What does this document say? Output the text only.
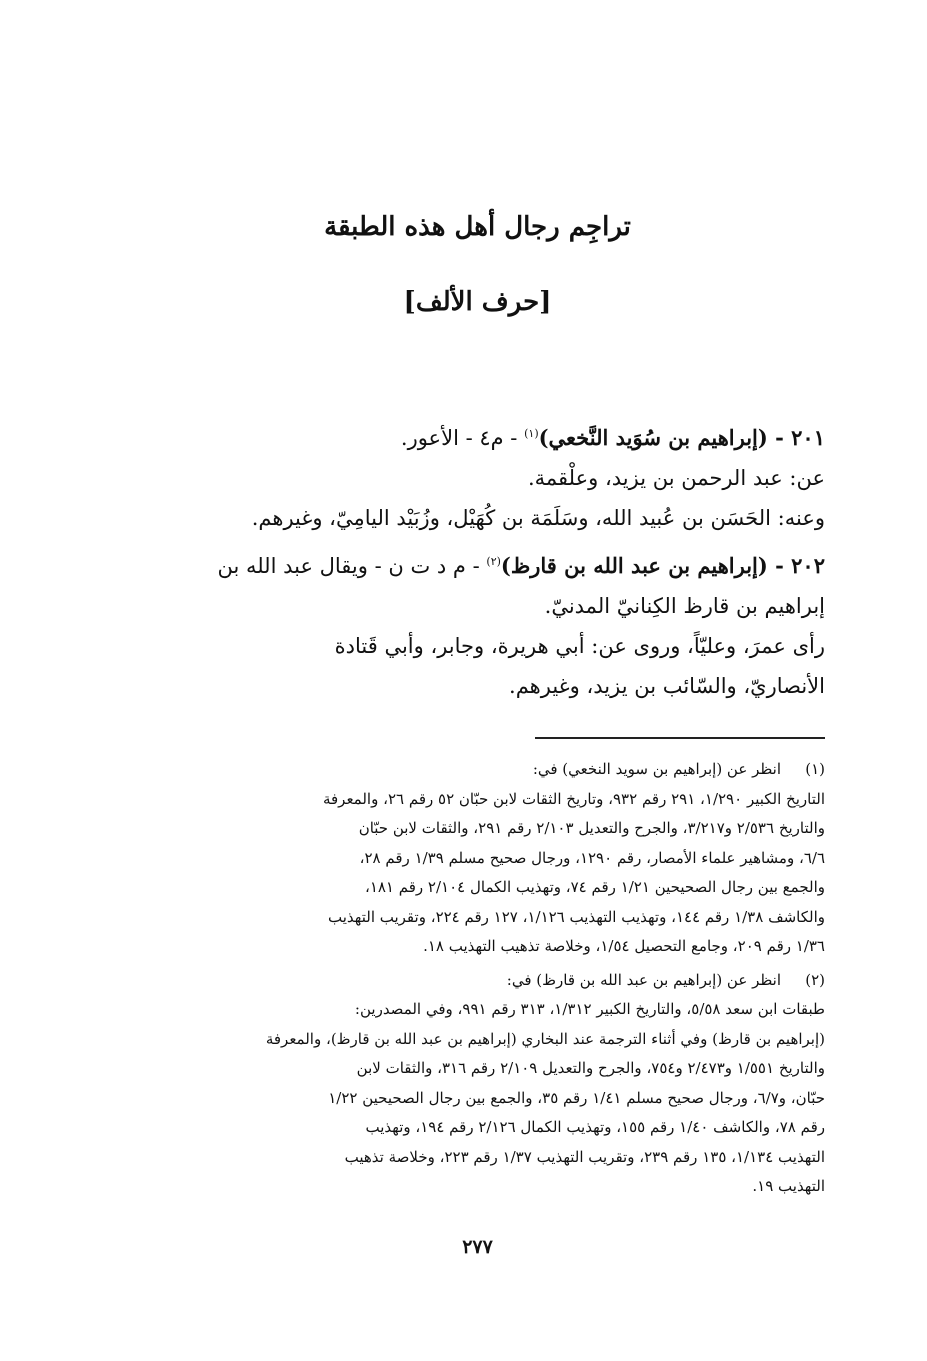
تراجِم رجال أهل هذه الطبقة
[حرف الألف]

٢٠١ - (إبراهيم بن سُوَيد النَّخعي)$^{(١)}$ - م٤ - الأعور.

عن: عبد الرحمن بن يزيد، وعلْقمة.

وعنه: الحَسَن بن عُبيد الله، وسَلَمَة بن كُهَيْل، وزُبَيْد اليامِيّ، وغيرهم.

٢٠٢ - (إبراهيم بن عبد الله بن قارظ)$^{(٢)}$ - م د ت ن - ويقال عبد الله بن

إبراهيم بن قارظ الكِنانيّ المدنيّ.

رأى عمرَ، وعليّاً، وروى عن: أبي هريرة، وجابر، وأبي قَتادة

الأنصاريّ، والسّائب بن يزيد، وغيرهم.

(١)
انظر عن (إبراهيم بن سويد النخعي) في:

التاريخ الكبير ١/٢٩٠، ٢٩١ رقم ٩٣٢، وتاريخ الثقات لابن حبّان ٥٢ رقم ٢٦، والمعرفة

والتاريخ ٢/٥٣٦ و٣/٢١٧، والجرح والتعديل ٢/١٠٣ رقم ٢٩١، والثقات لابن حبّان

٦/٦، ومشاهير علماء الأمصار، رقم ١٢٩٠، ورجال صحيح مسلم ١/٣٩ رقم ٢٨،

والجمع بين رجال الصحيحين ١/٢١ رقم ٧٤، وتهذيب الكمال ٢/١٠٤ رقم ١٨١،

والكاشف ١/٣٨ رقم ١٤٤، وتهذيب التهذيب ١/١٢٦، ١٢٧ رقم ٢٢٤، وتقريب التهذيب

١/٣٦ رقم ٢٠٩، وجامع التحصيل ١/٥٤، وخلاصة تذهيب التهذيب ١٨.

(٢)
انظر عن (إبراهيم بن عبد الله بن قارظ) في:

طبقات ابن سعد ٥/٥٨، والتاريخ الكبير ١/٣١٢، ٣١٣ رقم ٩٩١، وفي المصدرين:

(إبراهيم بن قارظ) وفي أثناء الترجمة عند البخاري (إبراهيم بن عبد الله بن قارظ)، والمعرفة

والتاريخ ١/٥٥١ و٢/٤٧٣ و٧٥٤، والجرح والتعديل ٢/١٠٩ رقم ٣١٦، والثقات لابن

حبّان، و٦/٧، ورجال صحيح مسلم ١/٤١ رقم ٣٥، والجمع بين رجال الصحيحين ١/٢٢

رقم ٧٨، والكاشف ١/٤٠ رقم ١٥٥، وتهذيب الكمال ٢/١٢٦ رقم ١٩٤، وتهذيب

التهذيب ١/١٣٤، ١٣٥ رقم ٢٣٩، وتقريب التهذيب ١/٣٧ رقم ٢٢٣، وخلاصة تذهيب

التهذيب ١٩.

٢٧٧
